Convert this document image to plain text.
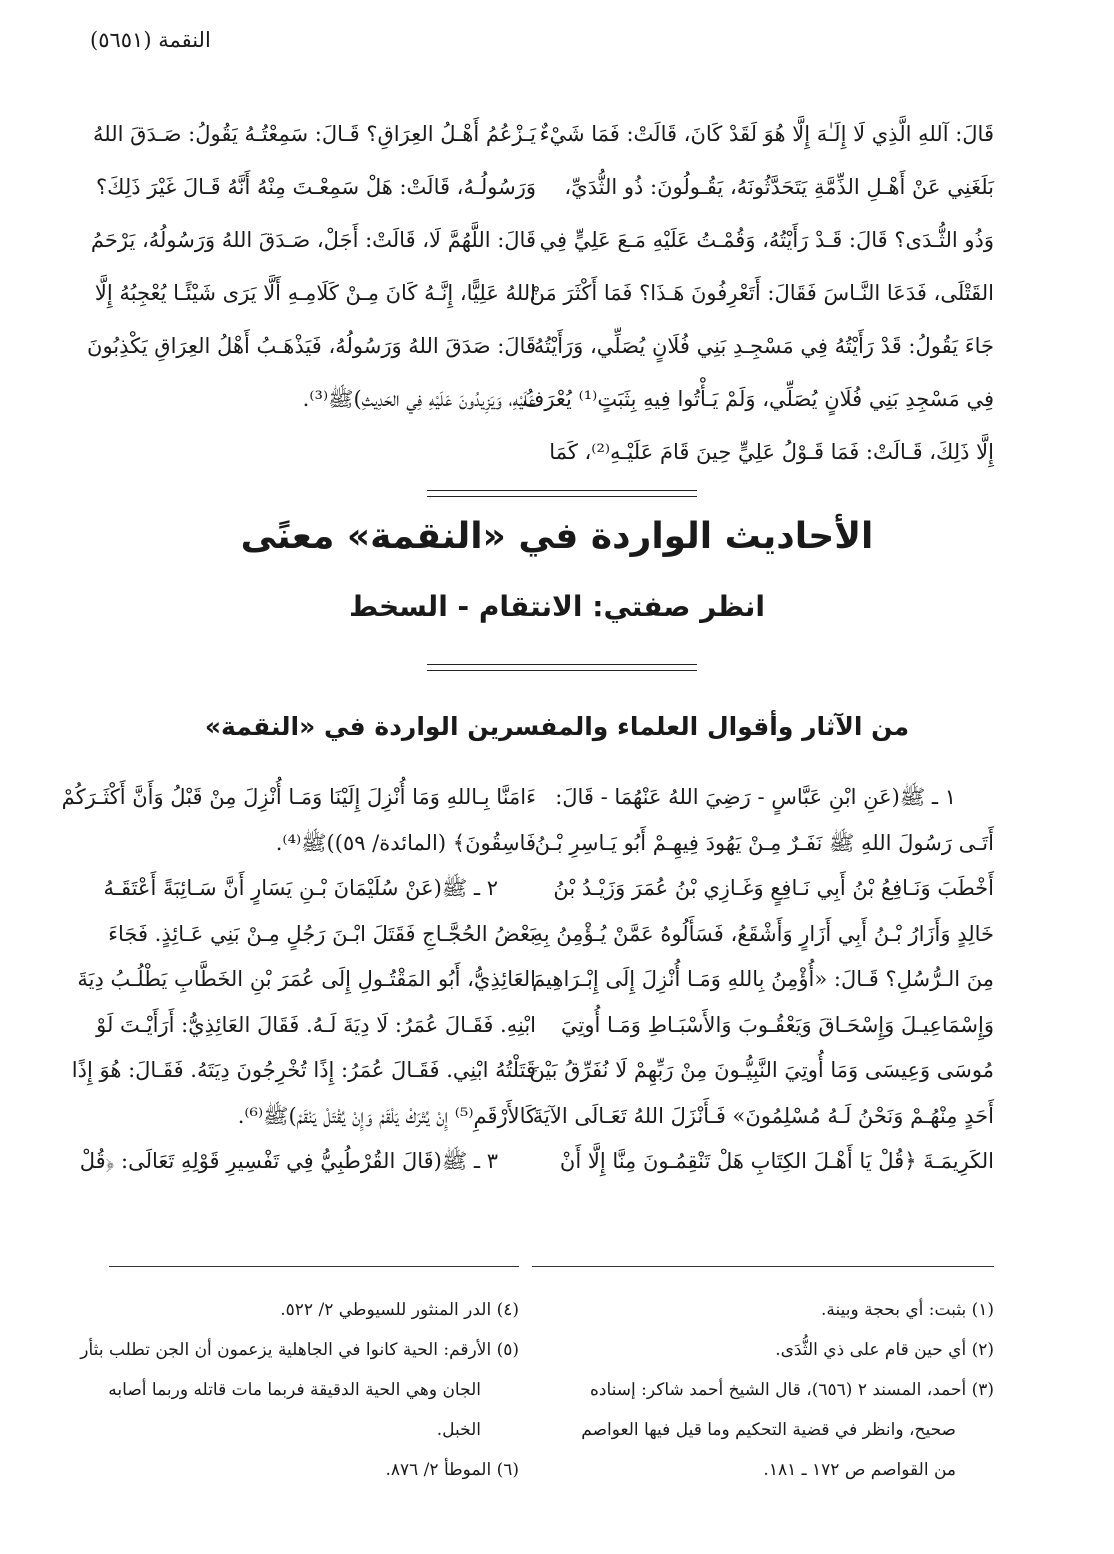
النقمة (٥٦٥١)

قَالَ: آللهِ الَّذِي لَا إِلَـٰهَ إِلَّا هُوَ لَقَدْ كَانَ، قَالَتْ: فَمَا شَيْءٌ

بَلَغَنِي عَنْ أَهْـلِ الذِّمَّةِ يَتَحَدَّثُونَهُ، يَقُـولُونَ: ذُو الثُّدَيِّ،

وَذُو الثُّـدَى؟ قَالَ: قَـدْ رَأَيْتُهُ، وَقُمْـتُ عَلَيْهِ مَـعَ عَلِيٍّ فِي

القَتْلَى، فَدَعَا النَّـاسَ فَقَالَ: أَتَعْرِفُونَ هَـذَا؟ فَمَا أَكْثَرَ مَنْ

جَاءَ يَقُولُ: قَدْ رَأَيْتُهُ فِي مَسْجِـدِ بَنِي فُلَانٍ يُصَلِّي، وَرَأَيْتُهُ

فِي مَسْجِدِ بَنِي فُلَانٍ يُصَلِّي، وَلَمْ يَـأْتُوا فِيهِ بِثَبَتٍ⁽¹⁾ يُعْرَفُ

إِلَّا ذَلِكَ، قَـالَتْ: فَمَا قَـوْلُ عَلِيٍّ حِينَ قَامَ عَلَيْـهِ⁽²⁾، كَمَا

يَـزْعُمُ أَهْـلُ العِرَاقِ؟ قَـالَ: سَمِعْتُـهُ يَقُولُ: صَـدَقَ اللهُ

وَرَسُولُـهُ، قَالَتْ: هَلْ سَمِعْـتَ مِنْهُ أَنَّهُ قَـالَ غَيْرَ ذَلِكَ؟

قَالَ: اللَّهُمَّ لَا، قَالَتْ: أَجَلْ، صَـدَقَ اللهُ وَرَسُولُهُ، يَرْحَمُ

اللهُ عَلِيًّا، إِنَّـهُ كَانَ مِـنْ كَلَامِـهِ أَلَّا يَرَى شَيْئًـا يُعْجِبُهُ إِلَّا

قَالَ: صَدَقَ اللهُ وَرَسُولُهُ، فَيَذْهَـبُ أَهْلُ العِرَاقِ يَكْذِبُونَ

عَلَيْهِ، وَيَزِيدُونَ عَلَيْهِ فِي الحَدِيثِ)ﷺ⁽³⁾.

الأحاديث الواردة في «النقمة» معنًى
انظر صفتي: الانتقام - السخط
من الآثار وأقوال العلماء والمفسرين الواردة في «النقمة»

١ ـ ﷺ(عَنِ ابْنِ عَبَّاسٍ - رَضِيَ اللهُ عَنْهُمَا - قَالَ:

أَتَـى رَسُولَ اللهِ ﷺ نَفَـرٌ مِـنْ يَهُودَ فِيهِـمْ أَبُو يَـاسِرِ بْـنُ

أَخْطَبَ وَنَـافِعُ بْنُ أَبِي نَـافِعٍ وَغَـازِي بْنُ عُمَرَ وَزَيْـدُ بْنُ

خَالِدٍ وَأَزَارُ بْـنُ أَبِي أَزَارٍ وَأَشْقَعُ، فَسَأَلُوهُ عَمَّنْ يُـؤْمِنُ بِهِ

مِنَ الـرُّسُلِ؟ قَـالَ: «أُؤْمِنُ بِاللهِ وَمَـا أُنْزِلَ إِلَى إِبْـرَاهِيمَ

وَإِسْمَاعِيـلَ وَإِسْحَـاقَ وَيَعْقُـوبَ وَالأَسْبَـاطِ وَمَـا أُوتِيَ

مُوسَى وَعِيسَى وَمَا أُوتِيَ النَّبِيُّـونَ مِنْ رَبِّهِمْ لَا نُفَرِّقُ بَيْنَ

أَحَدٍ مِنْهُـمْ وَنَحْنُ لَـهُ مُسْلِمُونَ» فَـأَنْزَلَ اللهُ تَعَـالَى الآيَةَ

الكَرِيمَـةَ ﴿قُلْ يَا أَهْـلَ الكِتَابِ هَلْ تَنْقِمُـونَ مِنَّا إِلَّا أَنْ

ءَامَنَّا بِـاللهِ وَمَا أُنْزِلَ إِلَيْنَا وَمَـا أُنْزِلَ مِنْ قَبْلُ وَأَنَّ أَكْثَـرَكُمْ

فَاسِقُونَ﴾ (المائدة/ ٥٩))ﷺ⁽⁴⁾.

٢ ـ ﷺ(عَنْ سُلَيْمَانَ بْـنِ يَسَارٍ أَنَّ سَـائِبَةً أَعْتَقَـهُ

بَعْضُ الحُجَّـاجِ فَقَتَلَ ابْـنَ رَجُلٍ مِـنْ بَنِي عَـائِذٍ. فَجَاءَ

العَائِذِيُّ، أَبُو المَقْتُـولِ إِلَى عُمَرَ بْنِ الخَطَّابِ يَطْلُـبُ دِيَةَ

ابْنِهِ. فَقَـالَ عُمَرُ: لَا دِيَةَ لَـهُ. فَقَالَ العَائِذِيُّ: أَرَأَيْـتَ لَوْ

قَتَلْتُهُ ابْنِي. فَقَـالَ عُمَرُ: إِذًا تُخْرِجُونَ دِيَتَهُ. فَقَـالَ: هُوَ إِذًا

كَالأَرْقَمِ⁽⁵⁾ إِنْ يُتْرَكْ يَلْقَمْ وَإِنْ يُقْتَلْ يَنْقَمْ)ﷺ⁽⁶⁾.

٣ ـ ﷺ(قَالَ القُرْطُبِيُّ فِي تَفْسِيرِ قَوْلِهِ تَعَالَى: ﴿قُلْ

(١) بثبت: أي بحجة وبينة.

(٢) أي حين قام على ذي الثُّدَى.

(٣) أحمد، المسند ٢ (٦٥٦)، قال الشيخ أحمد شاكر: إسناده

صحيح، وانظر في قضية التحكيم وما قيل فيها العواصم

من القواصم ص ١٧٢ ـ ١٨١.

(٤) الدر المنثور للسيوطي ٢/ ٥٢٢.

(٥) الأرقم: الحية كانوا في الجاهلية يزعمون أن الجن تطلب بثأر

الجان وهي الحية الدقيقة فربما مات قاتله وربما أصابه

الخبل.

(٦) الموطأ ٢/ ٨٧٦.
